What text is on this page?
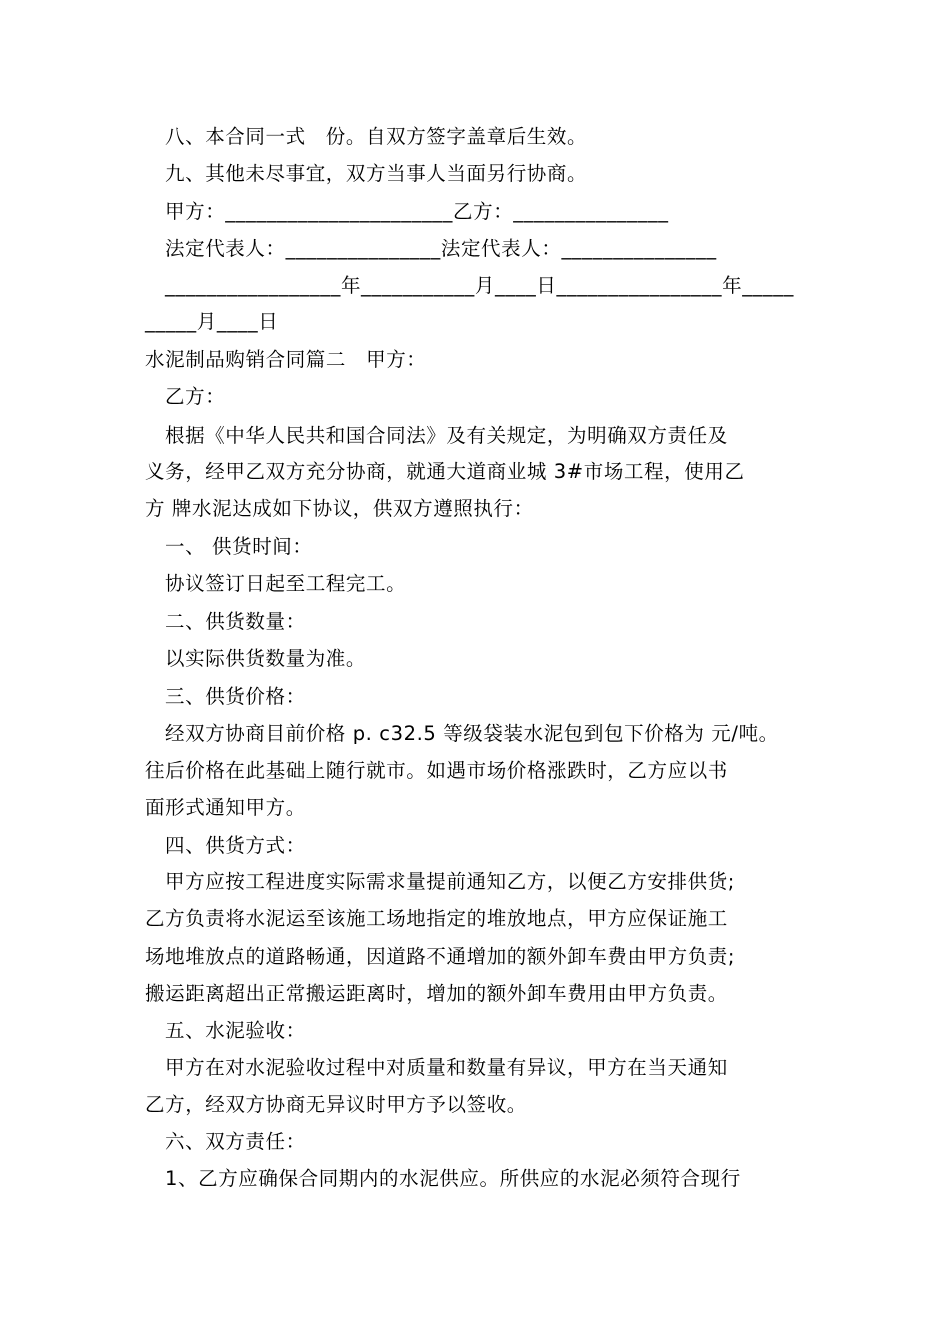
八、本合同一式　份。自双方签字盖章后生效。
九、其他未尽事宜，双方当事人当面另行协商。
甲方：______________________乙方：_______________
法定代表人：_______________法定代表人：_______________
_________________年___________月____日________________年_____
_____月____日
水泥制品购销合同篇二　甲方：
乙方：
根据《中华人民共和国合同法》及有关规定，为明确双方责任及
义务，经甲乙双方充分协商，就通大道商业城 3#市场工程，使用乙
方 牌水泥达成如下协议，供双方遵照执行：
一、 供货时间：
协议签订日起至工程完工。
二、供货数量：
以实际供货数量为准。
三、供货价格：
经双方协商目前价格 p. c32.5 等级袋装水泥包到包下价格为 元/吨。
往后价格在此基础上随行就市。如遇市场价格涨跌时，乙方应以书
面形式通知甲方。
四、供货方式：
甲方应按工程进度实际需求量提前通知乙方，以便乙方安排供货;
乙方负责将水泥运至该施工场地指定的堆放地点，甲方应保证施工
场地堆放点的道路畅通，因道路不通增加的额外卸车费由甲方负责;
搬运距离超出正常搬运距离时，增加的额外卸车费用由甲方负责。
五、水泥验收：
甲方在对水泥验收过程中对质量和数量有异议，甲方在当天通知
乙方，经双方协商无异议时甲方予以签收。
六、双方责任：
1、乙方应确保合同期内的水泥供应。所供应的水泥必须符合现行
